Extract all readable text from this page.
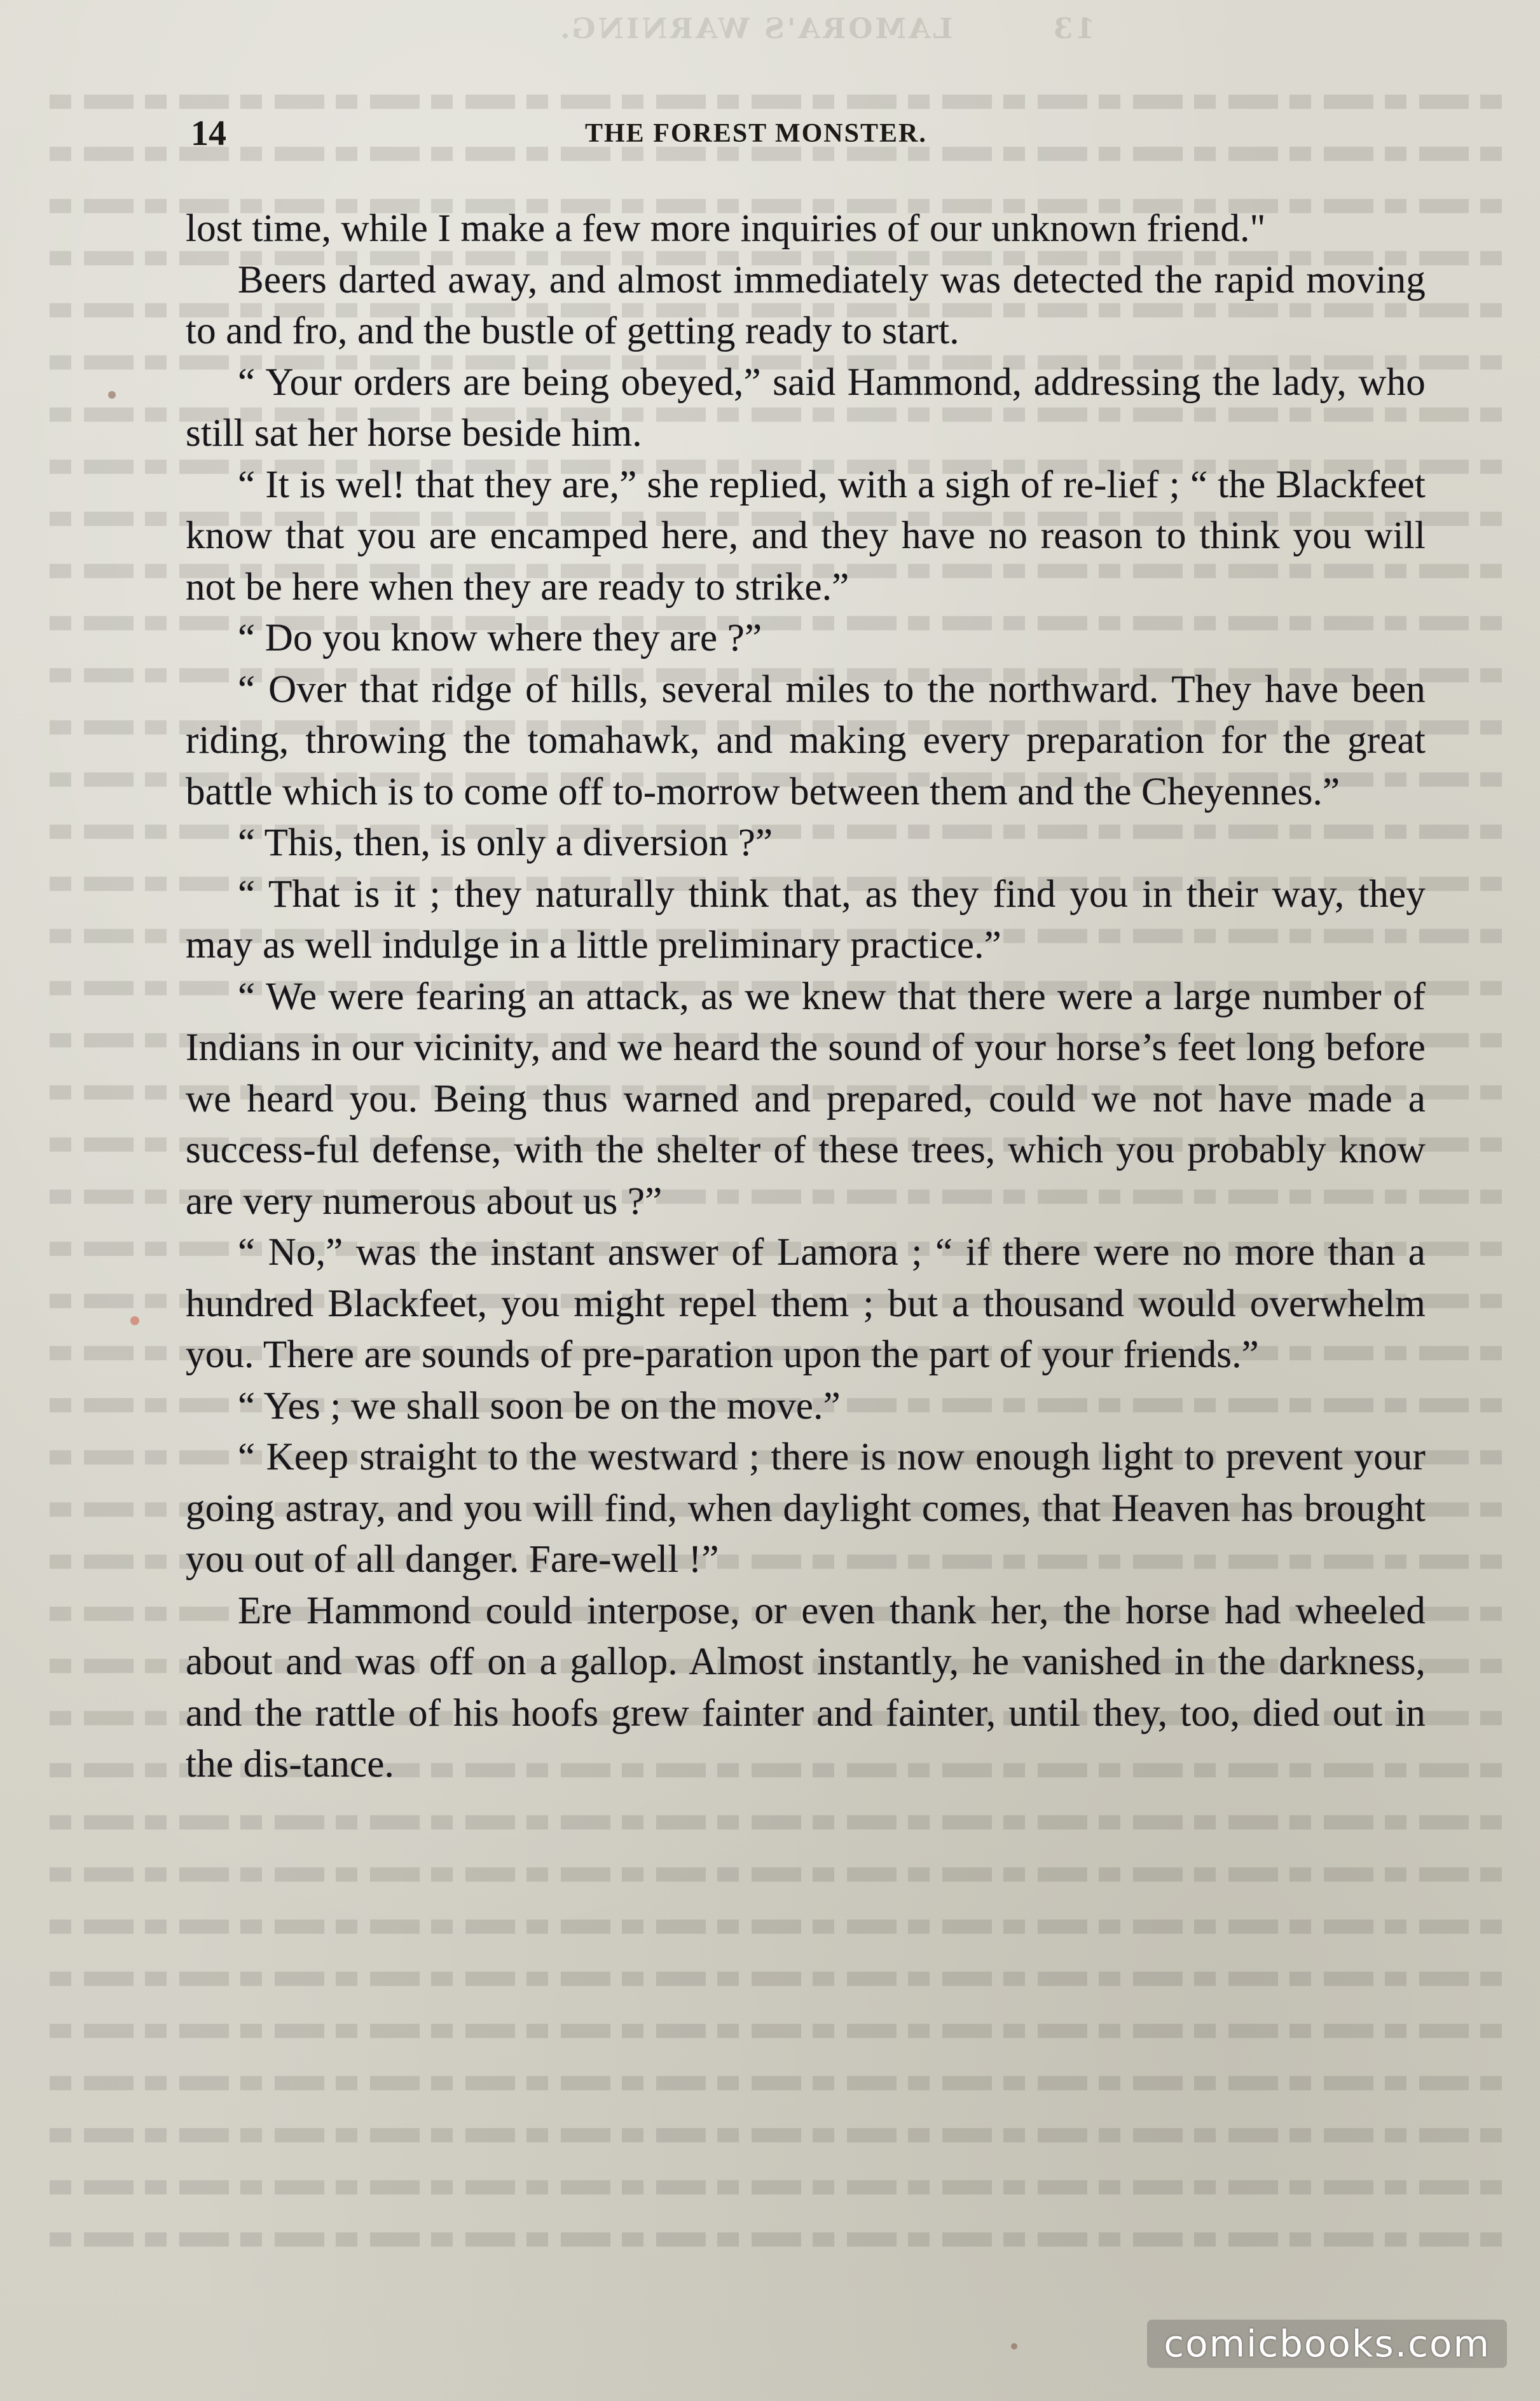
13        LAMORA'S WARNING.
14	THE FOREST MONSTER.

lost time, while I make a few more inquiries of our unknown friend."

Beers darted away, and almost immediately was detected the rapid moving to and fro, and the bustle of getting ready to start.

“ Your orders are being obeyed,” said Hammond, addressing the lady, who still sat her horse beside him.

“ It is wel! that they are,” she replied, with a sigh of re-lief ; “ the Blackfeet know that you are encamped here, and they have no reason to think you will not be here when they are ready to strike.”

“ Do you know where they are ?”

“ Over that ridge of hills, several miles to the northward. They have been riding, throwing the tomahawk, and making every preparation for the great battle which is to come off to-morrow between them and the Cheyennes.”

“ This, then, is only a diversion ?”

“ That is it ; they naturally think that, as they find you in their way, they may as well indulge in a little preliminary practice.”

“ We were fearing an attack, as we knew that there were a large number of Indians in our vicinity, and we heard the sound of your horse’s feet long before we heard you. Being thus warned and prepared, could we not have made a success-ful defense, with the shelter of these trees, which you probably know are very numerous about us ?”

“ No,” was the instant answer of Lamora ; “ if there were no more than a hundred Blackfeet, you might repel them ; but a thousand would overwhelm you. There are sounds of pre-paration upon the part of your friends.”

“ Yes ; we shall soon be on the move.”

“ Keep straight to the westward ; there is now enough light to prevent your going astray, and you will find, when daylight comes, that Heaven has brought you out of all danger. Fare-well !”

Ere Hammond could interpose, or even thank her, the horse had wheeled about and was off on a gallop. Almost instantly, he vanished in the darkness, and the rattle of his hoofs grew fainter and fainter, until they, too, died out in the dis-tance.

comicbooks.com
